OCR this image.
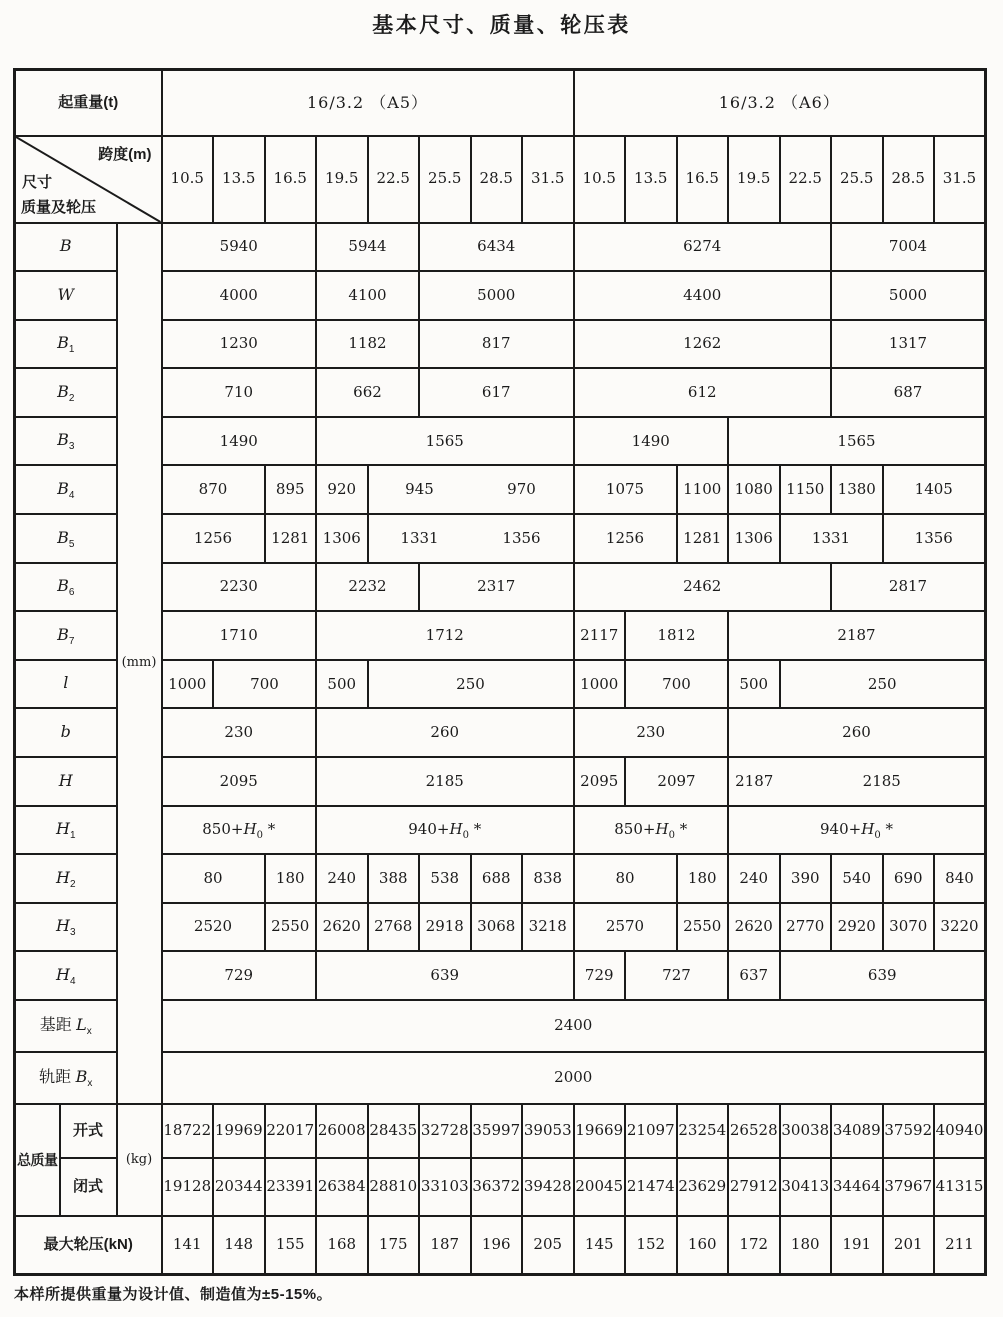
基本尺寸、质量、轮压表
起重量(t)			16/3.2 （A5）								16/3.2 （A6）							

跨度(m)
尺寸
质量及轮压			10.5	13.5	16.5	19.5	22.5	25.5	28.5	31.5	10.5	13.5	16.5	19.5	22.5	25.5	28.5	31.5
B		(mm)	5940			5944		6434			6274					7004		
W			4000			4100		5000			4400					5000		
$B_1$			1230			1182		817			1262					1317		
$B_2$			710			662		617			612					687		
$B_3$			1490			1565					1490			1565				
$B_4$			870		895	920	945		970		1075		1100	1080	1150	1380	1405	
$B_5$			1256		1281	1306	1331		1356		1256		1281	1306	1331		1356	
$B_6$			2230			2232		2317			2462					2817		
$B_7$			1710			1712					2117	1812		2187				
l			1000	700		500	250				1000	700		500	250			
b			230			260					230			260				
H			2095			2185					2095	2097		2187	2185			
$H_1$			$850+H_0$ *			$940+H_0$ *					$850+H_0$ *			$940+H_0$ *				
$H_2$			80		180	240	388	538	688	838	80		180	240	390	540	690	840
$H_3$			2520		2550	2620	2768	2918	3068	3218	2570		2550	2620	2770	2920	3070	3220
$H_4$			729			639					729	727		637	639			
基距 $L_x$			2400															
轨距 $B_x$			2000															
总质量	开式	(kg)	18722	19969	22017	26008	28435	32728	35997	39053	19669	21097	23254	26528	30038	34089	37592	40940
	闭式		19128	20344	23391	26384	28810	33103	36372	39428	20045	21474	23629	27912	30413	34464	37967	41315
最大轮压(kN)			141	148	155	168	175	187	196	205	145	152	160	172	180	191	201	211
本样所提供重量为设计值、制造值为±5-15%。
